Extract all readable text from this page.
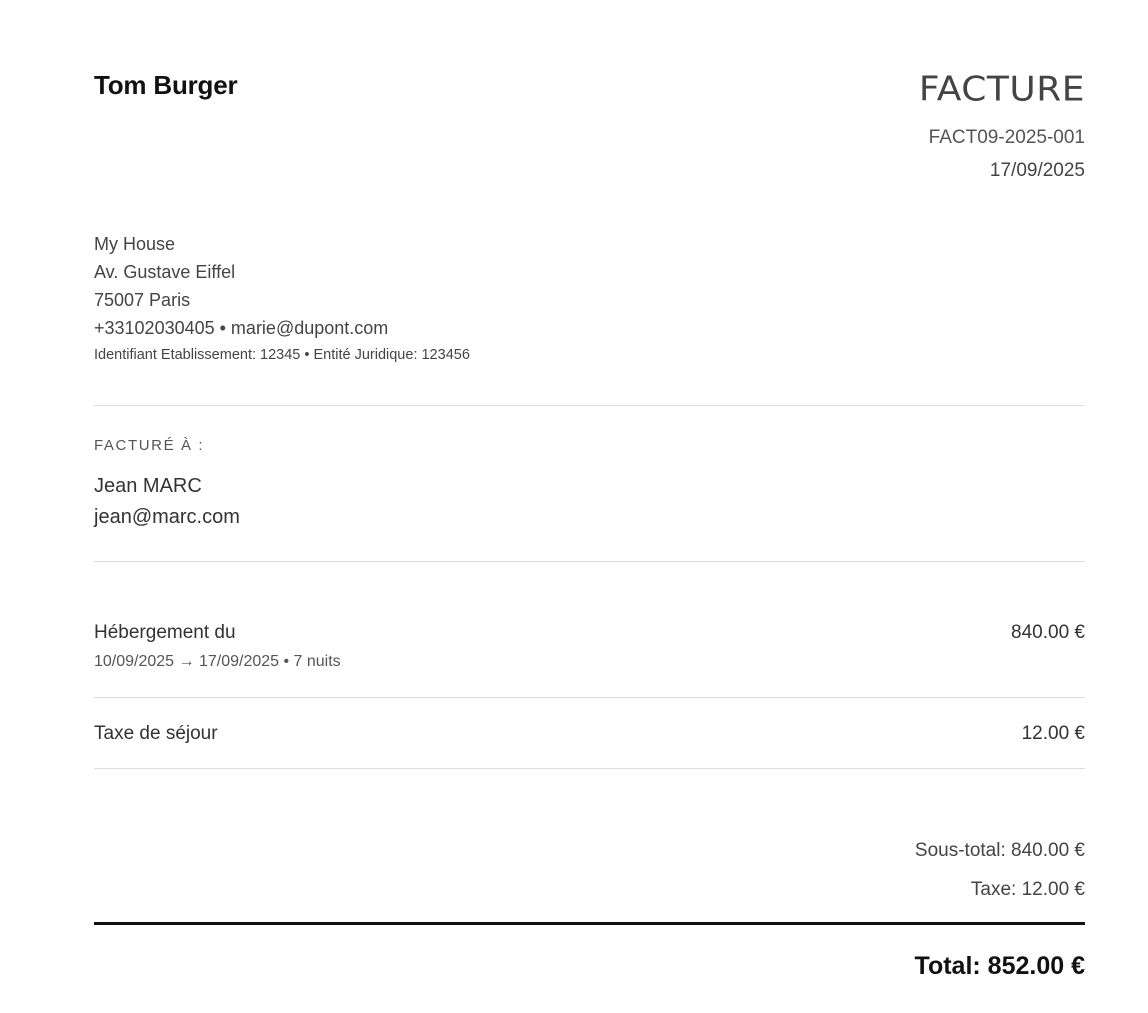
Tom Burger	FACTURE
FACT09-2025-001
17/09/2025
My House
Av. Gustave Eiffel
75007 Paris
+33102030405 • marie@dupont.com
Identifiant Etablissement: 12345 • Entité Juridique: 123456
FACTURÉ À :
Jean MARC
jean@marc.com
Hébergement du
10/09/2025 → 17/09/2025 • 7 nuits
840.00 €
Taxe de séjour	12.00 €
Sous-total: 840.00 €
Taxe: 12.00 €
Total: 852.00 €
